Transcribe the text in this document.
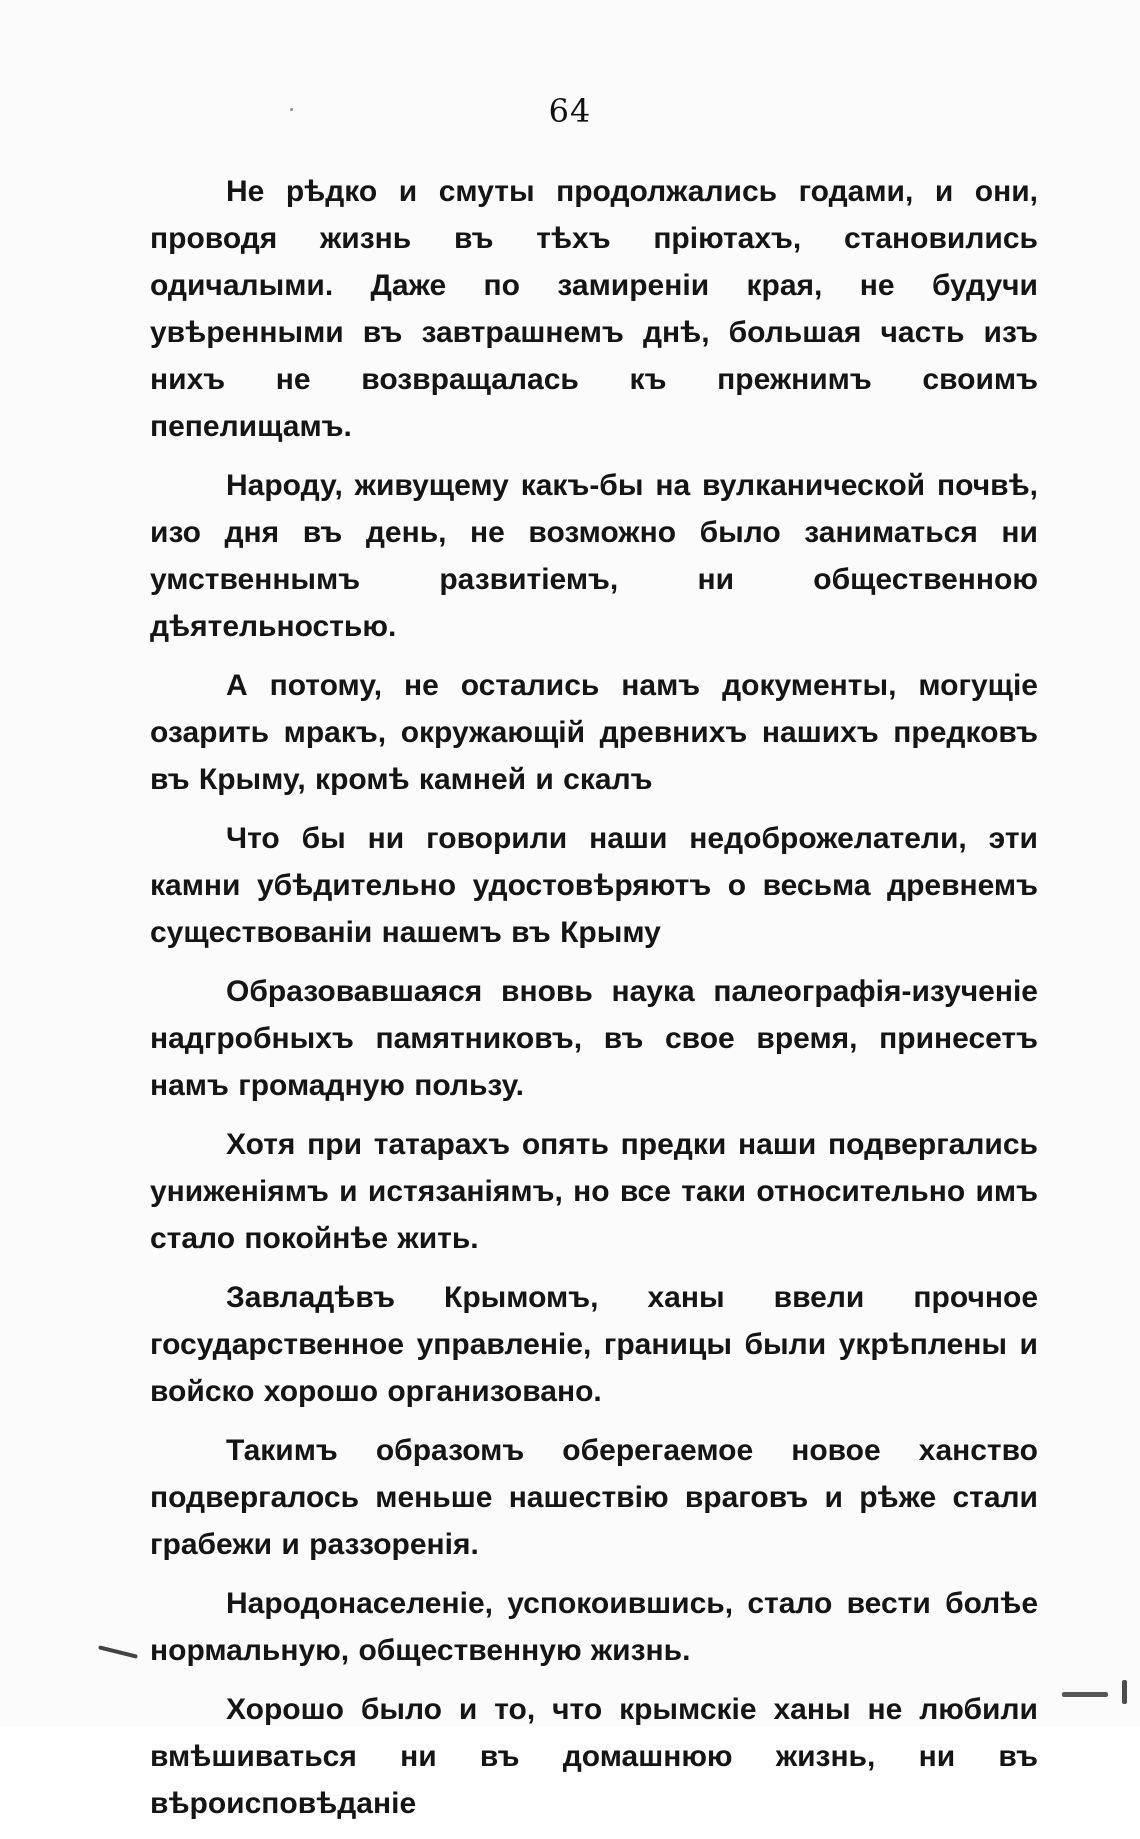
64

Не рѣдко и смуты продолжались годами, и они, проводя жизнь въ тѣхъ пріютахъ, становились одичалыми. Даже по замиреніи края, не будучи увѣренными въ завтрашнемъ днѣ, большая часть изъ нихъ не возвращалась къ прежнимъ своимъ пепелищамъ.

Народу, живущему какъ-бы на вулканической почвѣ, изо дня въ день, не возможно было заниматься ни умственнымъ развитіемъ, ни общественною дѣятельностью.

А потому, не остались намъ документы, могущіе озарить мракъ, окружающій древнихъ нашихъ предковъ въ Крыму, кромѣ камней и скалъ

Что бы ни говорили наши недоброжелатели, эти камни убѣдительно удостовѣряютъ о весьма древнемъ существованіи нашемъ въ Крыму

Образовавшаяся вновь наука палеографія-изученіе надгробныхъ памятниковъ, въ свое время, принесетъ намъ громадную пользу.

Хотя при татарахъ опять предки наши подвергались униженіямъ и истязаніямъ, но все таки относительно имъ стало покойнѣе жить.

Завладѣвъ Крымомъ, ханы ввели прочное государственное управленіе, границы были укрѣплены и войско хорошо организовано.

Такимъ образомъ оберегаемое новое ханство подвергалось меньше нашествію враговъ и рѣже стали грабежи и раззоренія.

Народонаселеніе, успокоившись, стало вести болѣе нормальную, общественную жизнь.

Хорошо было и то, что крымскіе ханы не любили вмѣшиваться ни въ домашнюю жизнь, ни въ вѣроисповѣданіе
